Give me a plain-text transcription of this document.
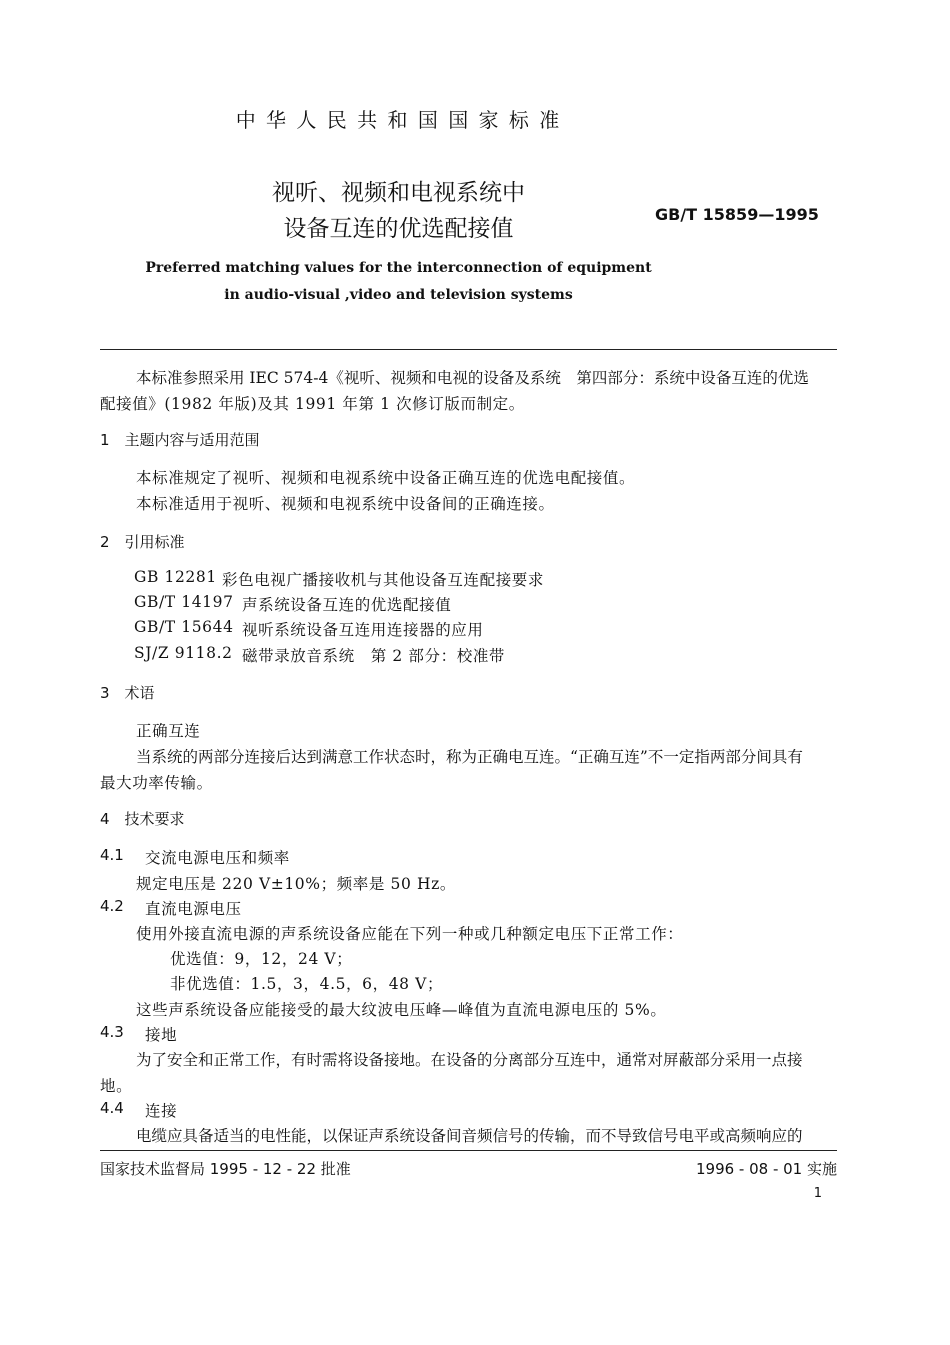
中 华 人 民 共 和 国 国 家 标 准
视听、视频和电视系统中
设备互连的优选配接值
GB/T 15859—1995
Preferred matching values for the interconnection of equipment
in audio-visual ,video and television systems
本标准参照采用 IEC 574-4《视听、视频和电视的设备及系统　第四部分：系统中设备互连的优选
配接值》(1982 年版)及其 1991 年第 1 次修订版而制定。
1　主题内容与适用范围
本标准规定了视听、视频和电视系统中设备正确互连的优选电配接值。
本标准适用于视听、视频和电视系统中设备间的正确连接。
2　引用标准
GB 12281 彩色电视广播接收机与其他设备互连配接要求
GB/T 14197 声系统设备互连的优选配接值
GB/T 15644 视听系统设备互连用连接器的应用
SJ/Z 9118.2 磁带录放音系统　第 2 部分：校准带
3　术语
正确互连
当系统的两部分连接后达到满意工作状态时，称为正确电互连。“正确互连”不一定指两部分间具有
最大功率传输。
4　技术要求
4.1 交流电源电压和频率
规定电压是 220 V±10%；频率是 50 Hz。
4.2 直流电源电压
使用外接直流电源的声系统设备应能在下列一种或几种额定电压下正常工作：
优选值：9，12，24 V；
非优选值：1.5，3，4.5，6，48 V；
这些声系统设备应能接受的最大纹波电压峰—峰值为直流电源电压的 5%。
4.3 接地
为了安全和正常工作，有时需将设备接地。在设备的分离部分互连中，通常对屏蔽部分采用一点接
地。
4.4 连接
电缆应具备适当的电性能，以保证声系统设备间音频信号的传输，而不导致信号电平或高频响应的
国家技术监督局 1995 - 12 - 22 批准	1996 - 08 - 01 实施
1
